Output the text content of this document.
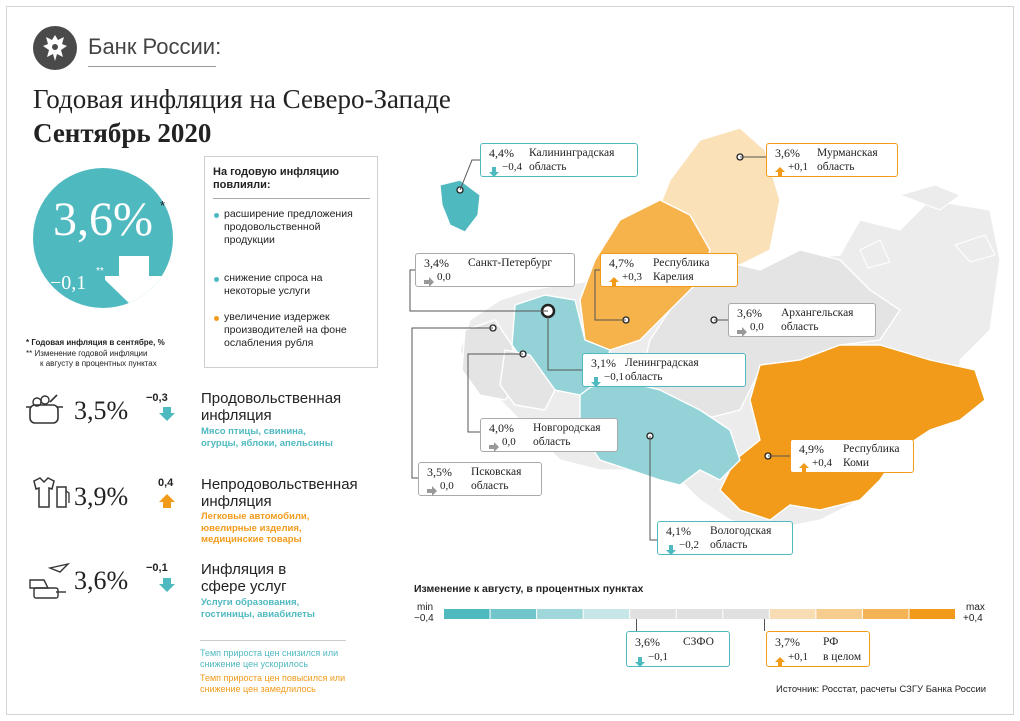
Банк России:
Годовая инфляция на Северо-Западе
Сентябрь 2020
3,6% *
−0,1
**
* Годовая инфляция в сентябре, %
** Изменение годовой инфляции
к августу в процентных пунктах
На годовую инфляцию повлияли:
расширение предложения продовольственной продукции
снижение спроса на некоторые услуги
увеличение издержек производителей на фоне ослабления рубля
3,5% −0,3 Продовольственная инфляция
Мясо птицы, свинина, огурцы, яблоки, апельсины
3,9%	0,4 Непродовольственная инфляция
Легковые автомобили, ювелирные изделия, медицинские товары
3,6% −0,1 Инфляция в сфере услуг
Услуги образования, гостиницы, авиабилеты
Темп прироста цен снизился или снижение цен ускорилось
Темп прироста цен повысился или снижение цен замедлилось
4,4% Калининградская
область
−0,4
3,6% Мурманская
область
+0,1
3,4% Санкт-Петербург
0,0
4,7% Республика
Карелия
+0,3
3,6% Архангельская
область
0,0
3,1% Ленинградская
область
−0,1
4,0% Новгородская
область
0,0	4,9% Республика
Коми
+0,4
3,5% Псковская
область
0,0
4,1% Вологодская
область
−0,2
Изменение к августу, в процентных пунктах
min
−0,4
max
+0,4
3,6% СЗФО
−0,1
3,7% РФ
в целом
+0,1
Источник: Росстат, расчеты СЗГУ Банка России
